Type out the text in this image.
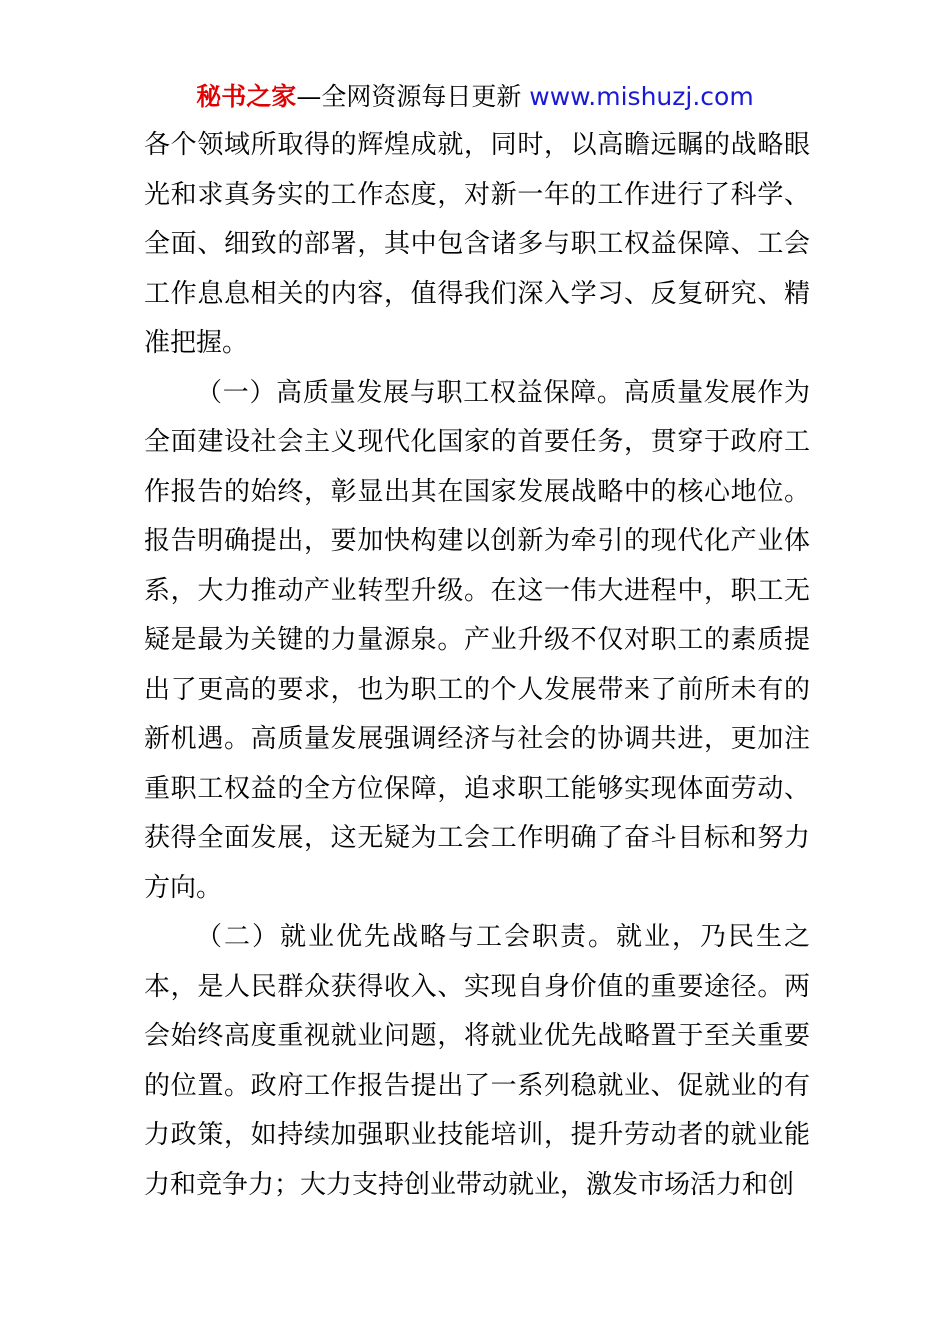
秘书之家—全网资源每日更新 www.mishuzj.com

各个领域所取得的辉煌成就，同时，以高瞻远瞩的战略眼光和求真务实的工作态度，对新一年的工作进行了科学、全面、细致的部署，其中包含诸多与职工权益保障、工会工作息息相关的内容，值得我们深入学习、反复研究、精准把握。

（一）高质量发展与职工权益保障。高质量发展作为全面建设社会主义现代化国家的首要任务，贯穿于政府工作报告的始终，彰显出其在国家发展战略中的核心地位。报告明确提出，要加快构建以创新为牵引的现代化产业体系，大力推动产业转型升级。在这一伟大进程中，职工无疑是最为关键的力量源泉。产业升级不仅对职工的素质提出了更高的要求，也为职工的个人发展带来了前所未有的新机遇。高质量发展强调经济与社会的协调共进，更加注重职工权益的全方位保障，追求职工能够实现体面劳动、获得全面发展，这无疑为工会工作明确了奋斗目标和努力方向。

（二）就业优先战略与工会职责。就业，乃民生之本，是人民群众获得收入、实现自身价值的重要途径。两会始终高度重视就业问题，将就业优先战略置于至关重要的位置。政府工作报告提出了一系列稳就业、促就业的有力政策，如持续加强职业技能培训，提升劳动者的就业能力和竞争力；大力支持创业带动就业，激发市场活力和创
